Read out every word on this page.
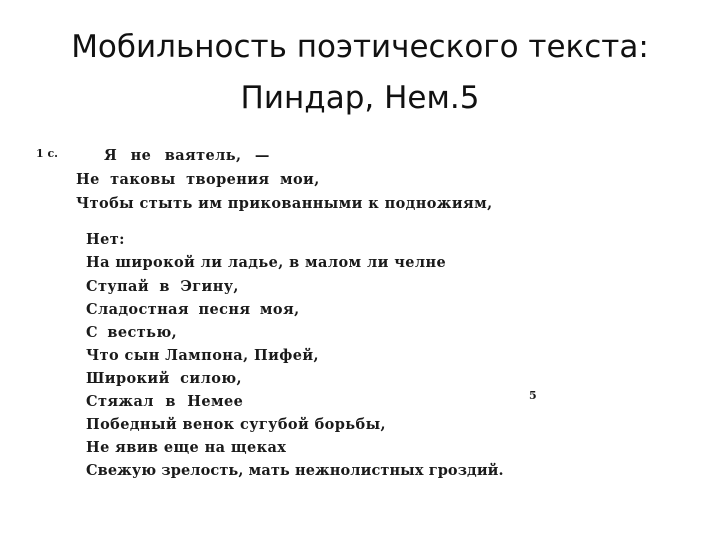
Мобильность поэтического текста:
Пиндар, Нем.5
1 с.
5
Я не ваятель, —
Не таковы творения мои,
Чтобы стыть им прикованными к подножиям,
Нет:
На широкой ли ладье, в малом ли челне
Ступай в Эгину,
Сладостная песня моя,
С вестью,
Что сын Лампона, Пифей,
Широкий силою,
Стяжал в Немее
Победный венок сугубой борьбы,
Не явив еще на щеках
Свежую зрелость, мать нежнолистных гроздий.
